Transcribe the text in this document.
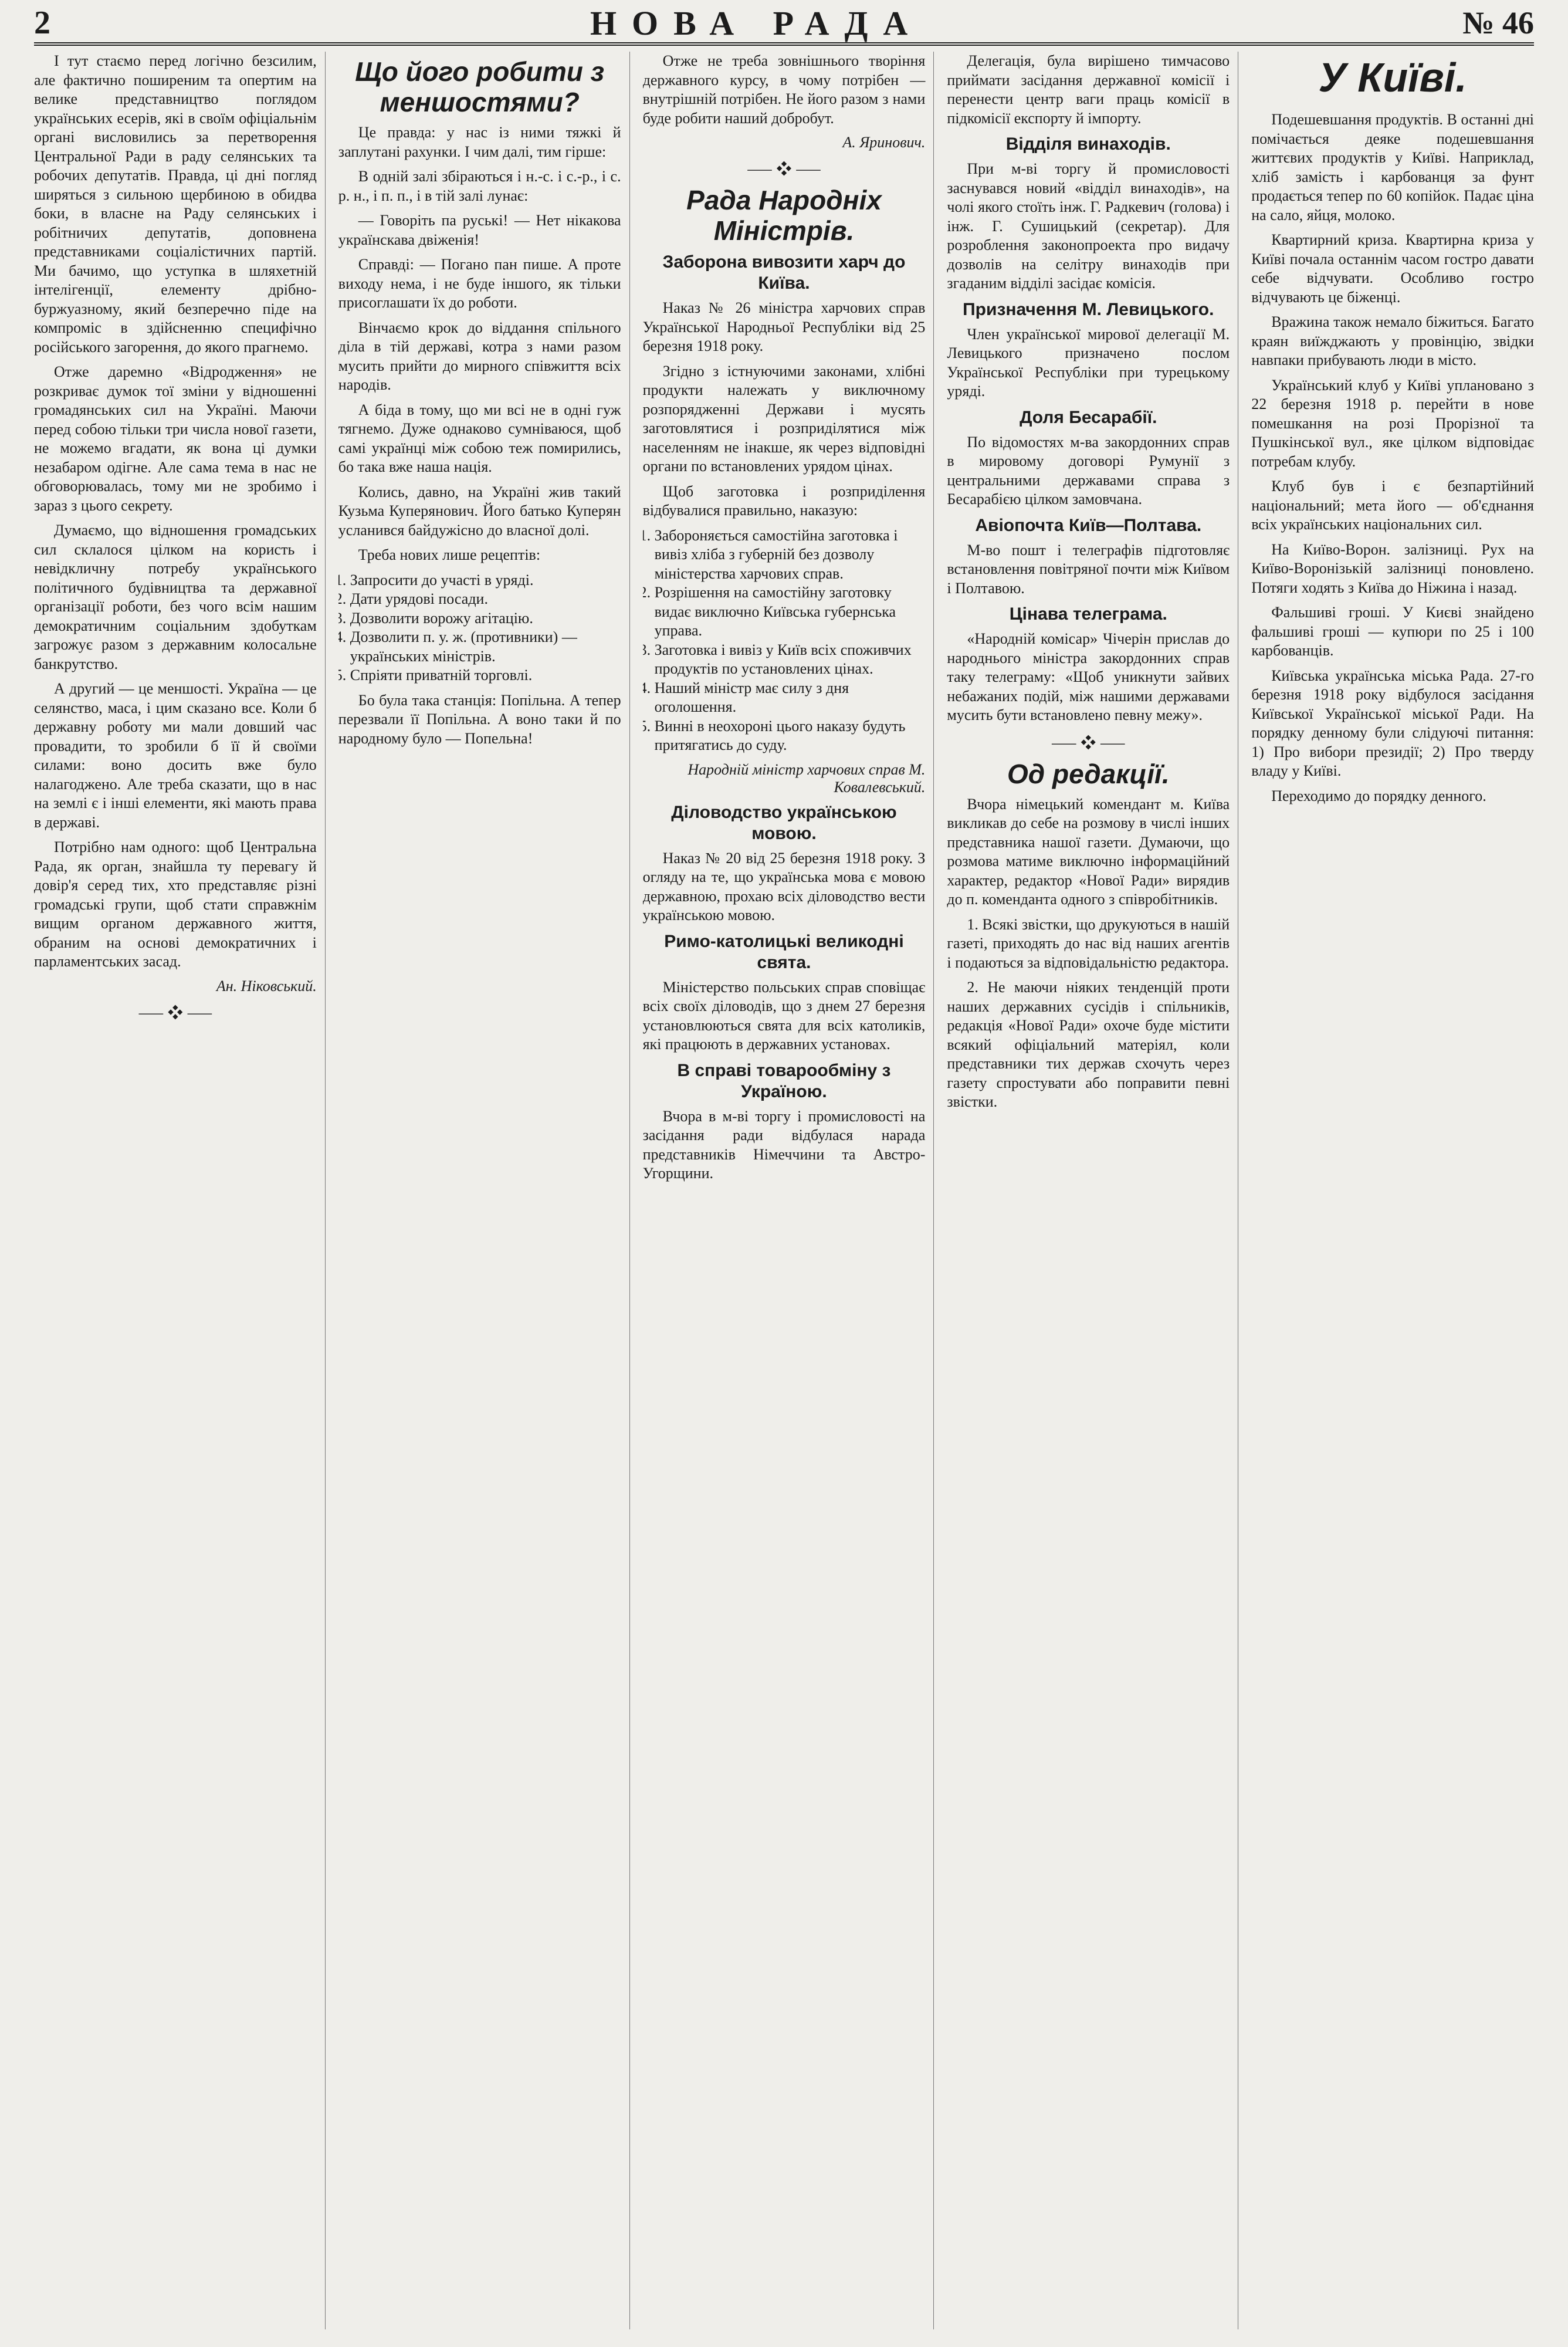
2	НОВА РАДА	№ 46

І тут стаємо перед логічно безсилим, але фактично поширеним та опертим на велике представництво поглядом українських есерів, які в своїм офіціальнім органі висловились за перетворення Центральної Ради в раду селянських та робочих депутатів. Правда, ці дні погляд ширяться з сильною щербиною в обидва боки, в власне на Раду селянських і робітничих депутатів, доповнена представниками соціалістичних партій. Ми бачимо, що уступка в шляхетній інтелігенції, елементу дрібно-буржуазному, який безперечно піде на компроміс в здійсненню специфічно російського загорення, до якого прагнемо.

Отже даремно «Відродження» не розкриває думок тої зміни у відношенні громадянських сил на Україні. Маючи перед собою тільки три числа нової газети, не можемо вгадати, як вона ці думки незабаром одігне. Але сама тема в нас не обговорювалась, тому ми не зробимо і зараз з цього секрету.

Думаємо, що відношення громадських сил склалося цілком на користь і невідкличну потребу українського політичного будівництва та державної організації роботи, без чого всім нашим демократичним соціальним здобуткам загрожує разом з державним колосальне банкрутство.

А другий — це меншості. Україна — це селянство, маса, і цим сказано все. Коли б державну роботу ми мали довший час провадити, то зробили б її й своїми силами: воно досить вже було налагоджено. Але треба сказати, що в нас на землі є і інші елементи, які мають права в державі.

Потрібно нам одного: щоб Центральна Рада, як орган, знайшла ту перевагу й довір'я серед тих, хто представляє різні громадські групи, щоб стати справжнім вищим органом державного життя, обраним на основі демократичних і парламентських засад.

Ан. Ніковський.
⸺ ❖ ⸺
Що його робити з меншостями?

Це правда: у нас із ними тяжкі й заплутані рахунки. І чим далі, тим гірше:

В одній залі збіраються і н.-с. і с.-р., і с. р. н., і п. п., і в тій залі лунає:

— Говоріть па руські! — Нет нікакова українскава двіженія!

Справді: — Погано пан пише. А проте виходу нема, і не буде іншого, як тільки присоглашати їх до роботи.

Вінчаємо крок до віддання спільного діла в тій державі, котра з нами разом мусить прийти до мирного співжиття всіх народів.

А біда в тому, що ми всі не в одні гуж тягнемо. Дуже однаково сумніваюся, щоб самі українці між собою теж помирились, бо така вже наша нація.

Колись, давно, на Україні жив такий Кузьма Куперянович. Його батько Куперян усланився байдужісно до власної долі.

Треба нових лише рецептів:

1. Запросити до участі в уряді.
2. Дати урядові посади.
3. Дозволити ворожу агітацію.
4. Дозволити п. у. ж. (противники) — українських міністрів.
5. Спріяти приватній торговлі.

Бо була така станція: Попільна. А тепер перезвали її Попільна. А воно таки й по народному було — Попельна!

Отже не треба зовнішнього творіння державного курсу, в чому потрібен — внутрішній потрібен. Не його разом з нами буде робити наший добробут.

А. Яринович.
⸺ ❖ ⸺
Рада Народніх Міністрів.
Заборона вивозити харч до Київа.

Наказ № 26 міністра харчових справ Української Народньої Республіки від 25 березня 1918 року.

Згідно з істнуючими законами, хлібні продукти належать у виключному розпорядженні Держави і мусять заготовлятися і розприділятися між населенням не інакше, як через відповідні органи по встановлених урядом цінах.

Щоб заготовка і розприділення відбувалися правильно, наказую:

1. Забороняється самостійна заготовка і вивіз хліба з губерній без дозволу міністерства харчових справ.
2. Розрішення на самостійну заготовку видає виключно Київська губернська управа.
3. Заготовка і вивіз у Київ всіх споживчих продуктів по установлених цінах.
4. Наший міністр має силу з дня оголошення.
5. Винні в неохороні цього наказу будуть притягатись до суду.
Народній міністр харчових справ М. Ковалевський.
Діловодство українською мовою.

Наказ № 20 від 25 березня 1918 року. З огляду на те, що українська мова є мовою державною, прохаю всіх діловодство вести українською мовою.

Римо-католицькі великодні свята.

Міністерство польських справ сповіщає всіх своїх діловодів, що з днем 27 березня установлюються свята для всіх католиків, які працюють в державних установах.

В справі товарообміну з Україною.

Вчора в м-ві торгу і промисловості на засідання ради відбулася нарада представників Німеччини та Австро-Угорщини.

Делегація, була вирішено тимчасово приймати засідання державної комісії і перенести центр ваги праць комісії в підкомісії експорту й імпорту.

Відділя винаходів.

При м-ві торгу й промисловості заснувався новий «відділ винаходів», на чолі якого стоїть інж. Г. Радкевич (голова) і інж. Г. Сушицький (секретар). Для розроблення законопроекта про видачу дозволів на селітру винаходів при згаданим відділі засідає комісія.

Призначення М. Левицького.

Член української мирової делегації М. Левицького призначено послом Української Республіки при турецькому уряді.

Доля Бесарабії.

По відомостях м-ва закордонних справ в мировому договорі Румунії з центральними державами справа з Бесарабією цілком замовчана.

Авіопочта Київ—Полтава.

М-во пошт і телеграфів підготовляє встановлення повітряної почти між Київом і Полтавою.

Цінава телеграма.

«Народній комісар» Чічерін прислав до народнього міністра закордонних справ таку телеграму: «Щоб уникнути зайвих небажаних подій, між нашими державами мусить бути встановлено певну межу».

⸺ ❖ ⸺
Од редакції.

Вчора німецький комендант м. Київа викликав до себе на розмову в числі інших представника нашої газети. Думаючи, що розмова матиме виключно інформаційний характер, редактор «Нової Ради» вирядив до п. коменданта одного з співробітників.

1. Всякі звістки, що друкуються в нашій газеті, приходять до нас від наших агентів і подаються за відповідальністю редактора.

2. Не маючи ніяких тенденцій проти наших державних сусідів і спільників, редакція «Нової Ради» охоче буде містити всякий офіціальний матеріял, коли представники тих держав схочуть через газету спростувати або поправити певні звістки.

У Київі.

Подешевшання продуктів. В останні дні помічається деяке подешевшання життєвих продуктів у Київі. Наприклад, хліб замість і карбованця за фунт продається тепер по 60 копійок. Падає ціна на сало, яйця, молоко.

Квартирний криза. Квартирна криза у Київі почала останнім часом гостро давати себе відчувати. Особливо гостро відчувають це біженці.

Вражина також немало біжиться. Багато краян виїжджають у провінцію, звідки навпаки прибувають люди в місто.

Український клуб у Київі уплановано з 22 березня 1918 р. перейти в нове помешкання на розі Прорізної та Пушкінської вул., яке цілком відповідає потребам клубу.

Клуб був і є безпартійний національний; мета його — об'єднання всіх українських національних сил.

На Київо-Ворон. залізниці. Рух на Київо-Воронізькій залізниці поновлено. Потяги ходять з Київа до Ніжина і назад.

Фальшиві гроші. У Києві знайдено фальшиві гроші — купюри по 25 і 100 карбованців.

Київська українська міська Рада. 27-го березня 1918 року відбулося засідання Київської Української міської Ради. На порядку денному були слідуючі питання: 1) Про вибори президії; 2) Про тверду владу у Київі.

Переходимо до порядку денного.
